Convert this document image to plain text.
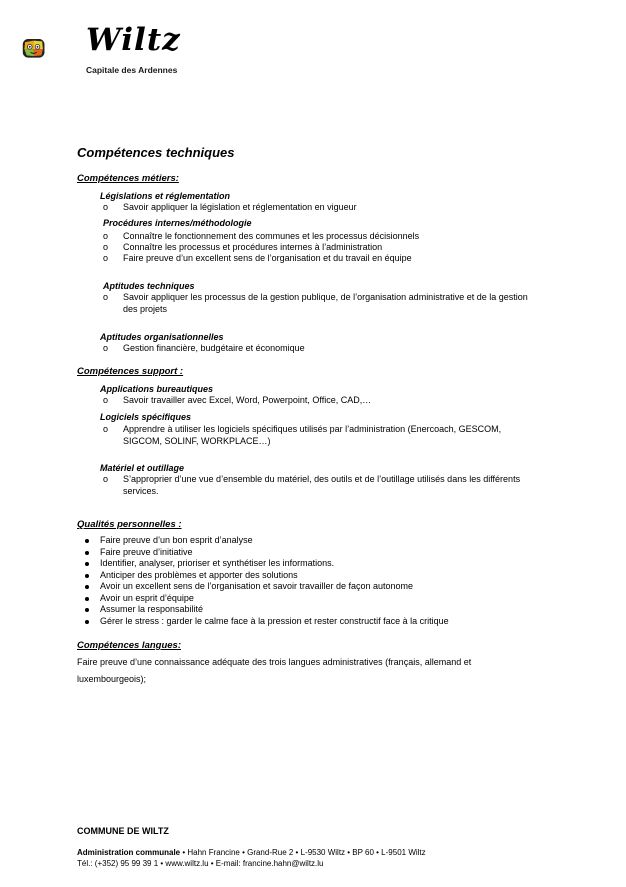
Wiltz
Capitale des Ardennes
Compétences techniques
Compétences métiers:
Législations et réglementation
o Savoir appliquer la législation et réglementation en vigueur
Procédures internes/méthodologie
o Connaître le fonctionnement des communes et les processus décisionnels
o Connaître les processus et procédures internes à l’administration
o Faire preuve d’un excellent sens de l’organisation et du travail en équipe
Aptitudes techniques
o Savoir appliquer les processus de la gestion publique, de l’organisation administrative et de la gestion des projets
Aptitudes organisationnelles
o Gestion financière, budgétaire et économique
Compétences support :
Applications bureautiques
o Savoir travailler avec Excel, Word, Powerpoint, Office, CAD,…
Logiciels spécifiques
o Apprendre à utiliser les logiciels spécifiques utilisés par l’administration (Enercoach, GESCOM, SIGCOM, SOLINF, WORKPLACE…)
Matériel et outillage
o S’approprier d’une vue d’ensemble du matériel, des outils et de l’outillage utilisés dans les différents services.
Qualités personnelles :
Faire preuve d’un bon esprit d’analyse
Faire preuve d’initiative
Identifier, analyser, prioriser et synthétiser les informations.
Anticiper des problèmes et apporter des solutions
Avoir un excellent sens de l’organisation et savoir travailler de façon autonome
Avoir un esprit d’équipe
Assumer la responsabilité
Gérer le stress : garder le calme face à la pression et rester constructif face à la critique
Compétences langues:
Faire preuve d’une connaissance adéquate des trois langues administratives (français, allemand et luxembourgeois);
COMMUNE DE WILTZ
Administration communale • Hahn Francine • Grand-Rue 2 • L-9530 Wiltz • BP 60 • L-9501 Wiltz
Tél.: (+352) 95 99 39 1 • www.wiltz.lu • E-mail: francine.hahn@wiltz.lu
